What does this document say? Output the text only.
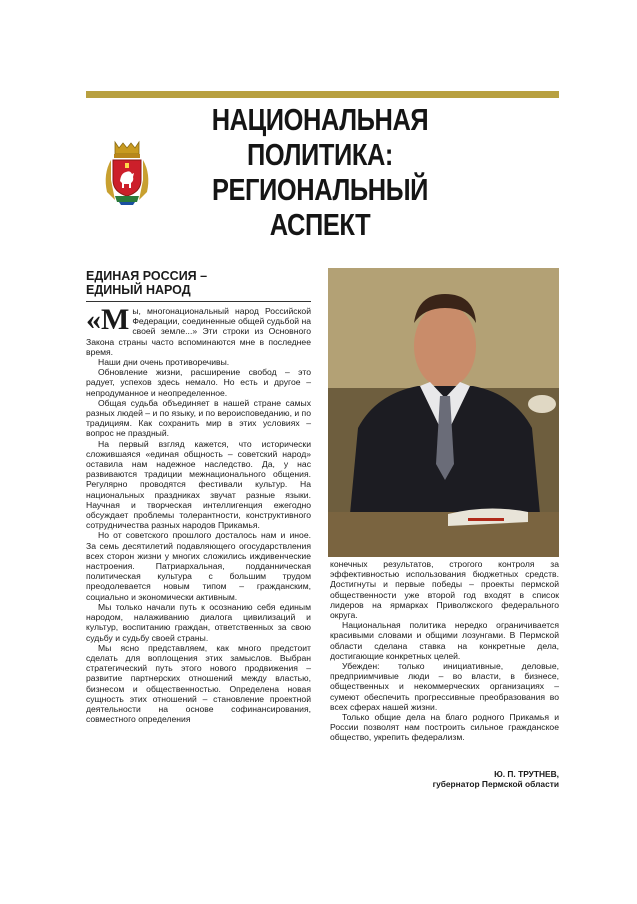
НАЦИОНАЛЬНАЯ
ПОЛИТИКА:
РЕГИОНАЛЬНЫЙ
АСПЕКТ
ЕДИНАЯ РОССИЯ –
ЕДИНЫЙ НАРОД

«М ы, многонациональный народ Российской Федерации, соединенные общей судьбой на своей земле...» Эти строки из Основного Закона страны часто вспоминаются мне в последнее время.

Наши дни очень противоречивы.

Обновление жизни, расширение свобод – это радует, успехов здесь немало. Но есть и другое – непродуманное и неопределенное.

Общая судьба объединяет в нашей стране самых разных людей – и по языку, и по вероисповеданию, и по традициям. Как сохранить мир в этих условиях – вопрос не праздный.

На первый взгляд кажется, что исторически сложившаяся «единая общность – советский народ» оставила нам надежное наследство. Да, у нас развиваются традиции межнационального общения. Регулярно проводятся фестивали культур. На национальных праздниках звучат разные языки. Научная и творческая интеллигенция ежегодно обсуждает проблемы толерантности, конструктивного сотрудничества разных народов Прикамья.

Но от советского прошлого досталось нам и иное. За семь десятилетий подавляющего огосударствления всех сторон жизни у многих сложились иждивенческие настроения. Патриархальная, подданническая политическая культура с большим трудом преодолевается новым типом – гражданским, социально и экономически активным.

Мы только начали путь к осознанию себя единым народом, налаживанию диалога цивилизаций и культур, воспитанию граждан, ответственных за свою судьбу и судьбу своей страны.

Мы ясно представляем, как много предстоит сделать для воплощения этих замыслов. Выбран стратегический путь этого нового продвижения – развитие партнерских отношений между властью, бизнесом и общественностью. Определена новая сущность этих отношений – становление проектной деятельности на основе софинансирования, совместного определения

конечных результатов, строгого контроля за эффективностью использования бюджетных средств. Достигнуты и первые победы – проекты пермской общественности уже второй год входят в список лидеров на ярмарках Приволжского федерального округа.

Национальная политика нередко ограничивается красивыми словами и общими лозунгами. В Пермской области сделана ставка на конкретные дела, достигающие конкретных целей.

Убежден: только инициативные, деловые, предприимчивые люди – во власти, в бизнесе, общественных и некоммерческих организациях – сумеют обеспечить прогрессивные преобразования во всех сферах нашей жизни.

Только общие дела на благо родного Прикамья и России позволят нам построить сильное гражданское общество, укрепить федерализм.

Ю. П. ТРУТНЕВ,
губернатор Пермской области
